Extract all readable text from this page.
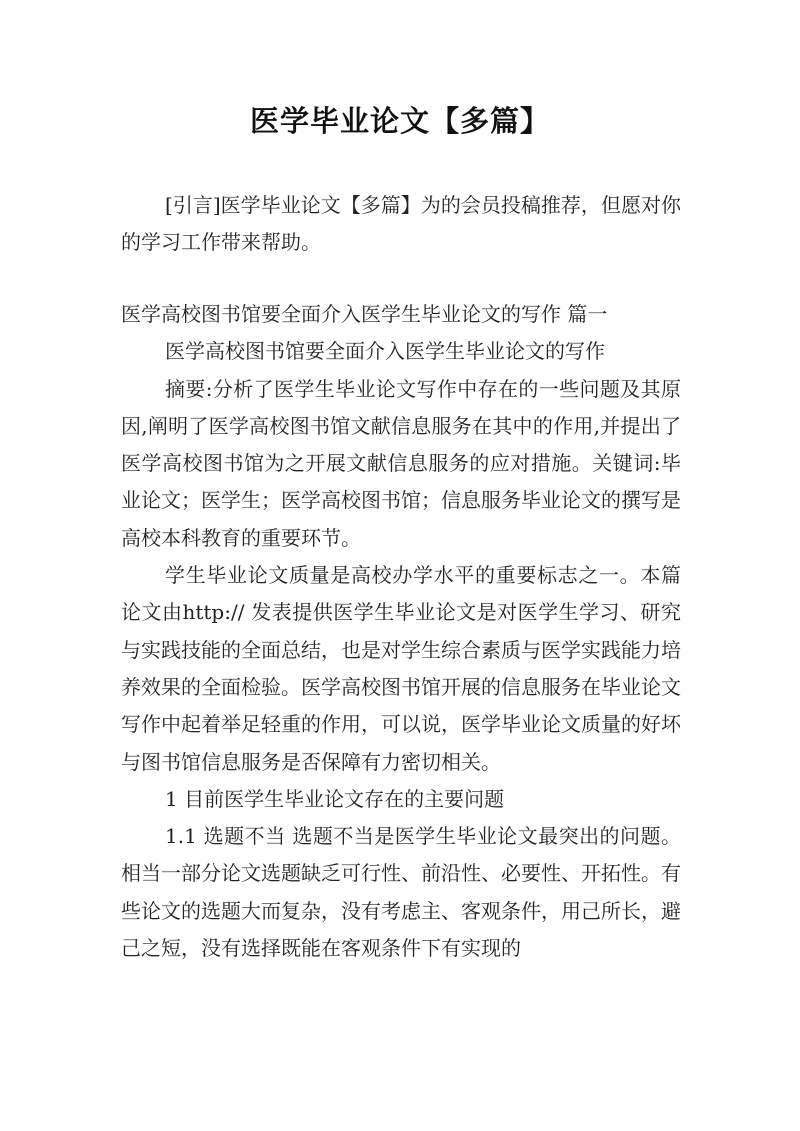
医学毕业论文【多篇】

[引言]医学毕业论文【多篇】为的会员投稿推荐，但愿对你的学习工作带来帮助。

医学高校图书馆要全面介入医学生毕业论文的写作 篇一

医学高校图书馆要全面介入医学生毕业论文的写作

摘要:分析了医学生毕业论文写作中存在的一些问题及其原因,阐明了医学高校图书馆文献信息服务在其中的作用,并提出了医学高校图书馆为之开展文献信息服务的应对措施。关键词:毕业论文；医学生；医学高校图书馆；信息服务毕业论文的撰写是高校本科教育的重要环节。

学生毕业论文质量是高校办学水平的重要标志之一。本篇论文由http:// 发表提供医学生毕业论文是对医学生学习、研究与实践技能的全面总结，也是对学生综合素质与医学实践能力培养效果的全面检验。医学高校图书馆开展的信息服务在毕业论文写作中起着举足轻重的作用，可以说，医学毕业论文质量的好坏与图书馆信息服务是否保障有力密切相关。

1 目前医学生毕业论文存在的主要问题

1.1 选题不当 选题不当是医学生毕业论文最突出的问题。相当一部分论文选题缺乏可行性、前沿性、必要性、开拓性。有些论文的选题大而复杂，没有考虑主、客观条件，用己所长，避己之短，没有选择既能在客观条件下有实现的
